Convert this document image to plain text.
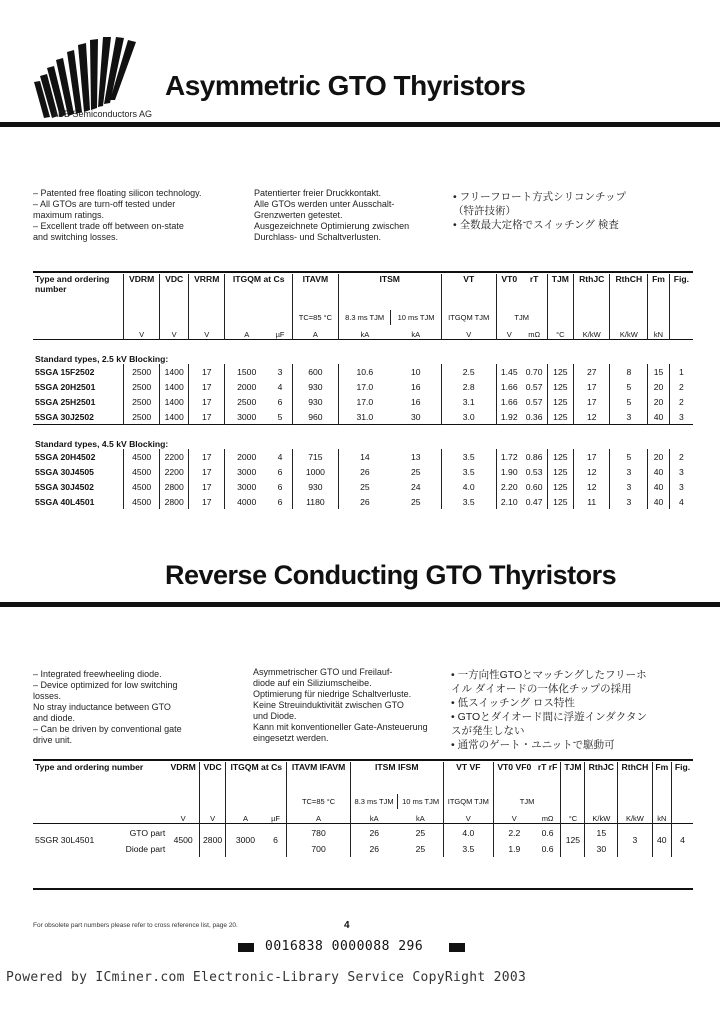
ABB Semiconductors AG
Asymmetric GTO Thyristors
– Patented free floating silicon technology.
– All GTOs are turn-off tested under
maximum ratings.
– Excellent trade off between on-state
and switching losses.
Patentierter freier Druckkontakt.
Alle GTOs werden unter Ausschalt-
Grenzwerten getestet.
Ausgezeichnete Optimierung zwischen
Durchlass- und Schaltverlusten.
• フリーフロート方式シリコンチップ
（特許技術）
• 全数最大定格でスイッチング 検査
Type and ordering number	VDRM	VDC	VRRM	ITGQM at Cs		ITAVM	ITSM		VT	VT0	rT	TJM	RthJC	RthCH	Fm	Fig.
						TC=85 °C	8.3 ms TJM	10 ms TJM	ITGQM TJM	TJM						
	V	V	V	A	µF	A	kA	kA	V	V	mΩ	°C	K/kW	K/kW	kN	
Standard types, 2.5 kV Blocking:																
5SGA 15F2502	2500	1400	17	1500	3	600	10.6	10	2.5	1.45	0.70	125	27	8	15	1
5SGA 20H2501	2500	1400	17	2000	4	930	17.0	16	2.8	1.66	0.57	125	17	5	20	2
5SGA 25H2501	2500	1400	17	2500	6	930	17.0	16	3.1	1.66	0.57	125	17	5	20	2
5SGA 30J2502	2500	1400	17	3000	5	960	31.0	30	3.0	1.92	0.36	125	12	3	40	3
Standard types, 4.5 kV Blocking:																
5SGA 20H4502	4500	2200	17	2000	4	715	14	13	3.5	1.72	0.86	125	17	5	20	2
5SGA 30J4505	4500	2200	17	3000	6	1000	26	25	3.5	1.90	0.53	125	12	3	40	3
5SGA 30J4502	4500	2800	17	3000	6	930	25	24	4.0	2.20	0.60	125	12	3	40	3
5SGA 40L4501	4500	2800	17	4000	6	1180	26	25	3.5	2.10	0.47	125	11	3	40	4
Reverse Conducting GTO Thyristors
– Integrated freewheeling diode.
– Device optimized for low switching
losses.
No stray inductance between GTO
and diode.
– Can be driven by conventional gate
drive unit.
Asymmetrischer GTO und Freilauf-
diode auf ein Siliziumscheibe.
Optimierung für niedrige Schaltverluste.
Keine Streuinduktivität zwischen GTO
und Diode.
Kann mit konventioneller Gate-Ansteuerung
eingesetzt werden.
• 一方向性GTOとマッチングしたフリーホ
イル ダイオードの一体化チップの採用
• 低スイッチング ロス特性
• GTOとダイオード間に浮遊インダクタン
スが発生しない
• 通常のゲート・ユニットで駆動可
Type and ordering number		VDRM	VDC	ITGQM at Cs		ITAVM IFAVM	ITSM IFSM		VT VF	VT0 VF0	rT rF	TJM	RthJC	RthCH	Fm	Fig.
						TC=85 °C	8.3 ms TJM	10 ms TJM	ITGQM TJM	TJM						
		V	V	A	µF	A	kA	kA	V	V	mΩ	°C	K/kW	K/kW	kN	
5SGR 30L4501	GTO part	4500	2800	3000	6	780	26	25	4.0	2.2	0.6	125	15	3	40	4
	Diode part					700	26	25	3.5	1.9	0.6		30			
For obsolete part numbers please refer to cross reference list, page 20.	4
0016838 0000088 296
Powered by ICminer.com Electronic-Library Service CopyRight 2003
